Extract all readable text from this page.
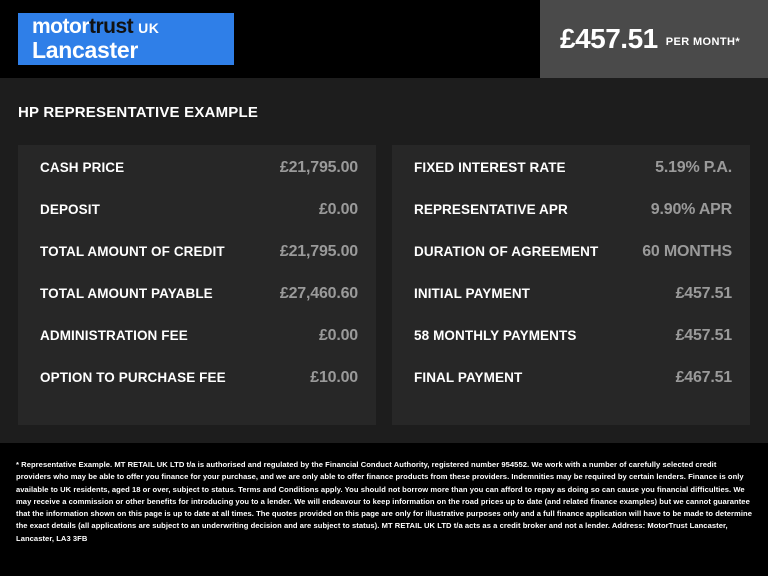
motortrust UK
Lancaster	£457.51 PER MONTH*
HP REPRESENTATIVE EXAMPLE
CASH PRICE	£21,795.00
DEPOSIT	£0.00
TOTAL AMOUNT OF CREDIT	£21,795.00
TOTAL AMOUNT PAYABLE	£27,460.60
ADMINISTRATION FEE	£0.00
OPTION TO PURCHASE FEE	£10.00
FIXED INTEREST RATE	5.19% P.A.
REPRESENTATIVE APR	9.90% APR
DURATION OF AGREEMENT	60 MONTHS
INITIAL PAYMENT	£457.51
58 MONTHLY PAYMENTS	£457.51
FINAL PAYMENT	£467.51

* Representative Example. MT RETAIL UK LTD t/a is authorised and regulated by the Financial Conduct Authority, registered number 954552. We work with a number of carefully selected credit providers who may be able to offer you finance for your purchase, and we are only able to offer finance products from these providers. Indemnities may be required by certain lenders. Finance is only available to UK residents, aged 18 or over, subject to status. Terms and Conditions apply. You should not borrow more than you can afford to repay as doing so can cause you financial difficulties. We may receive a commission or other benefits for introducing you to a lender. We will endeavour to keep information on the road prices up to date (and related finance examples) but we cannot guarantee that the information shown on this page is up to date at all times. The quotes provided on this page are only for illustrative purposes only and a full finance application will have to be made to determine the exact details (all applications are subject to an underwriting decision and are subject to status). MT RETAIL UK LTD t/a acts as a credit broker and not a lender. Address: MotorTrust Lancaster, Lancaster, LA3 3FB
